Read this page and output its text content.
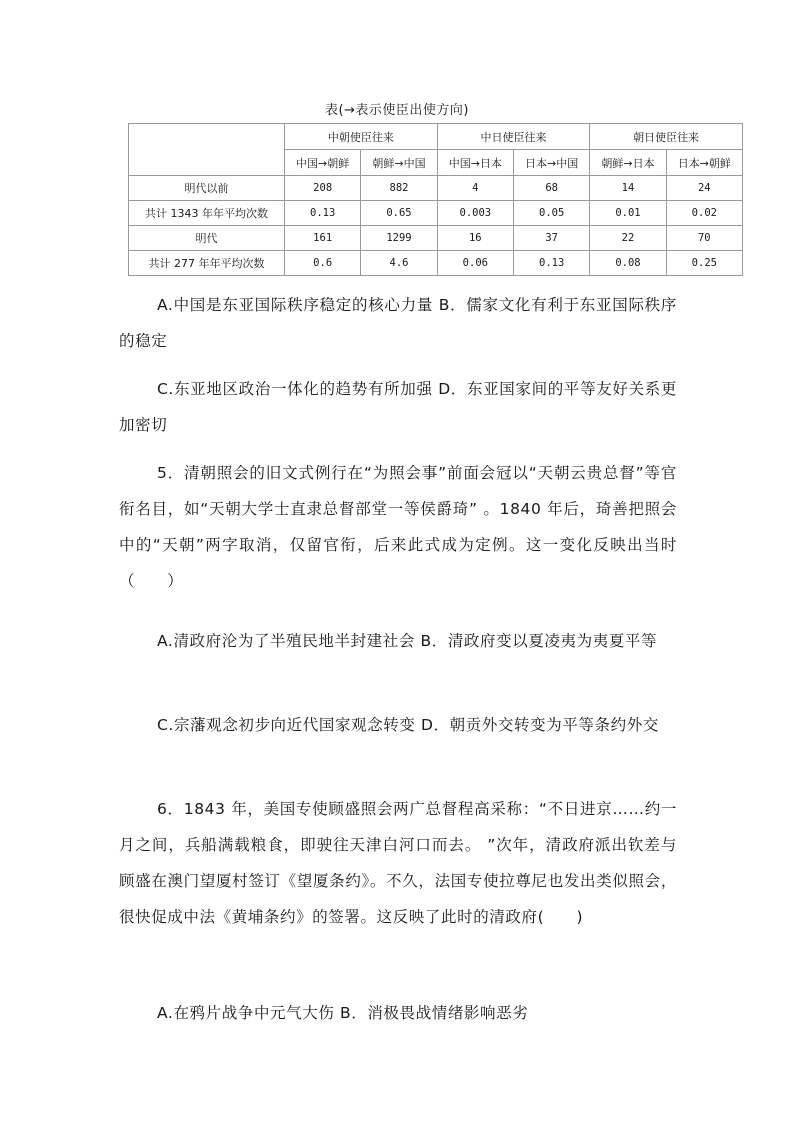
表(→表示使臣出使方向)
	中朝使臣往来		中日使臣往来		朝日使臣往来	
	中国→朝鲜	朝鲜→中国	中国→日本	日本→中国	朝鲜→日本	日本→朝鲜
明代以前	208	882	4	68	14	24
共计 1343 年年平均次数	0.13	0.65	0.003	0.05	0.01	0.02
明代	161	1299	16	37	22	70
共计 277 年年平均次数	0.6	4.6	0.06	0.13	0.08	0.25

A.中国是东亚国际秩序稳定的核心力量 B．儒家文化有利于东亚国际秩序的稳定

C.东亚地区政治一体化的趋势有所加强 D．东亚国家间的平等友好关系更加密切

5．清朝照会的旧文式例行在“为照会事”前面会冠以“天朝云贵总督”等官衔名目，如“天朝大学士直隶总督部堂一等侯爵琦” 。1840 年后，琦善把照会中的“天朝”两字取消，仅留官衔，后来此式成为定例。这一变化反映出当时（　　）

A.清政府沦为了半殖民地半封建社会 B．清政府变以夏凌夷为夷夏平等

C.宗藩观念初步向近代国家观念转变 D．朝贡外交转变为平等条约外交

6．1843 年，美国专使顾盛照会两广总督程高采称：“不日进京……约一月之间，兵船满载粮食，即驶往天津白河口而去。 ”次年，清政府派出钦差与顾盛在澳门望厦村签订《望厦条约》。不久，法国专使拉尊尼也发出类似照会，很快促成中法《黄埔条约》的签署。这反映了此时的清政府(　　)

A.在鸦片战争中元气大伤 B．消极畏战情绪影响恶劣
